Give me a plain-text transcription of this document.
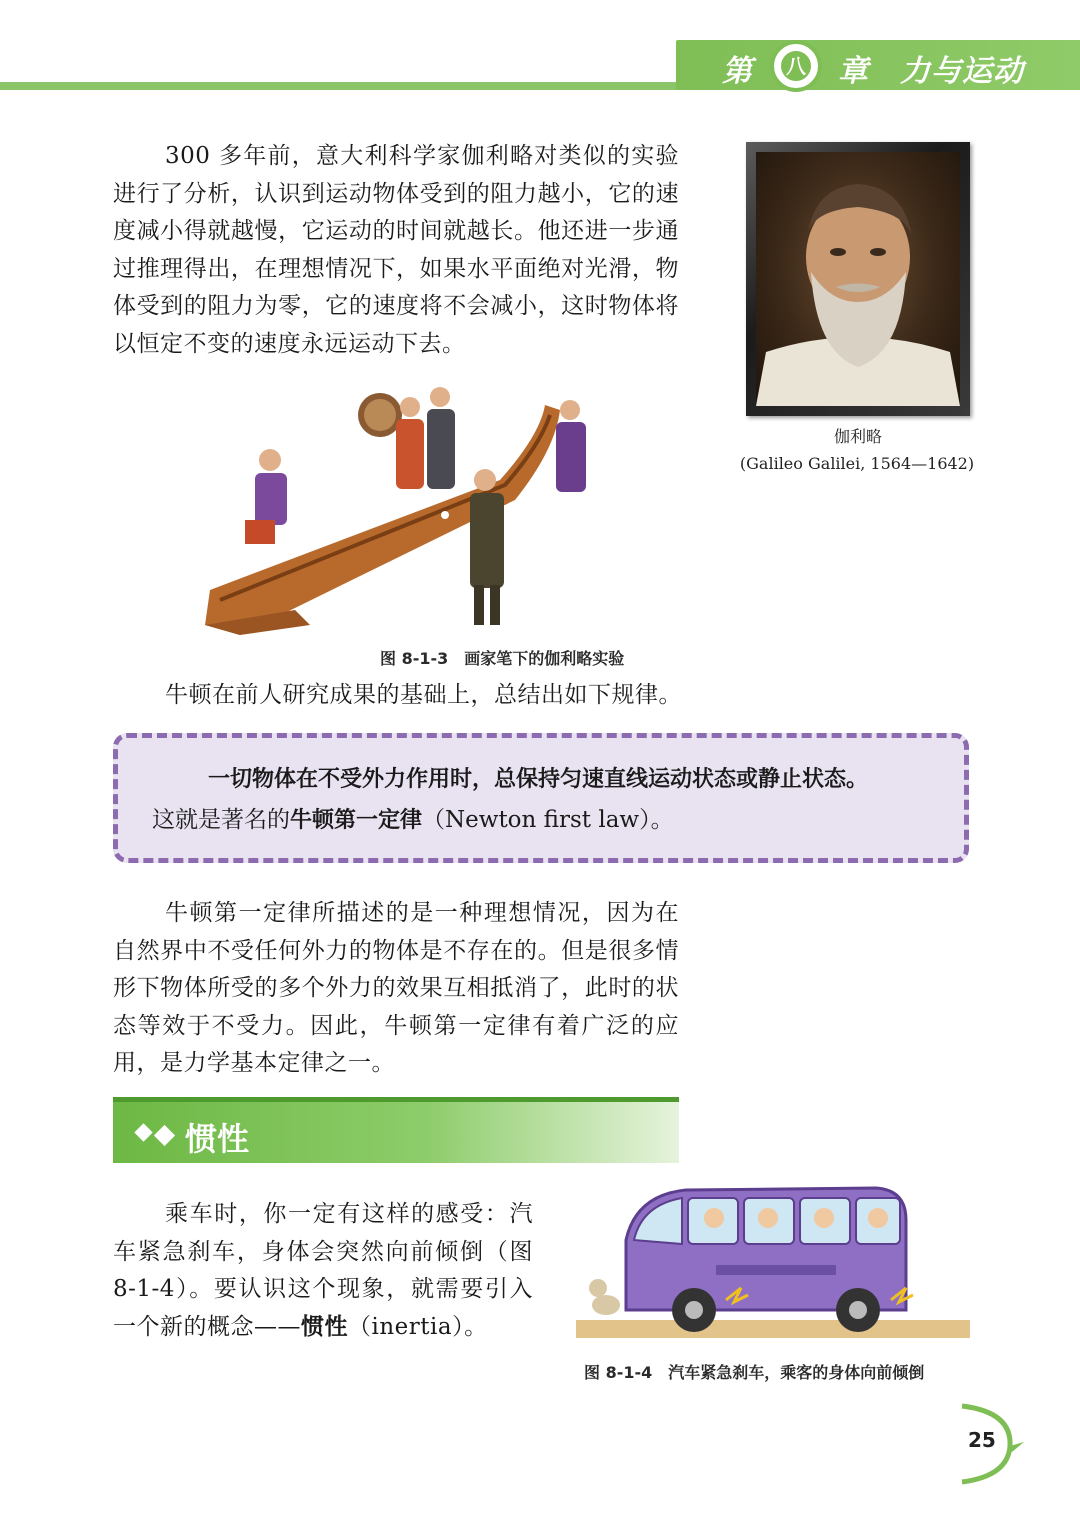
第 八 章 力与运动

300 多年前，意大利科学家伽利略对类似的实验进行了分析，认识到运动物体受到的阻力越小，它的速度减小得就越慢，它运动的时间就越长。他还进一步通过推理得出，在理想情况下，如果水平面绝对光滑，物体受到的阻力为零，它的速度将不会减小，这时物体将以恒定不变的速度永远运动下去。

伽利略
(Galileo Galilei, 1564—1642)
图 8-1-3　画家笔下的伽利略实验

牛顿在前人研究成果的基础上，总结出如下规律。

一切物体在不受外力作用时，总保持匀速直线运动状态或静止状态。
这就是著名的牛顿第一定律（Newton first law）。

牛顿第一定律所描述的是一种理想情况，因为在自然界中不受任何外力的物体是不存在的。但是很多情形下物体所受的多个外力的效果互相抵消了，此时的状态等效于不受力。因此，牛顿第一定律有着广泛的应用，是力学基本定律之一。

惯性

乘车时，你一定有这样的感受：汽车紧急刹车，身体会突然向前倾倒（图 8-1-4）。要认识这个现象，就需要引入一个新的概念——惯性（inertia）。

图 8-1-4　汽车紧急刹车，乘客的身体向前倾倒
25
